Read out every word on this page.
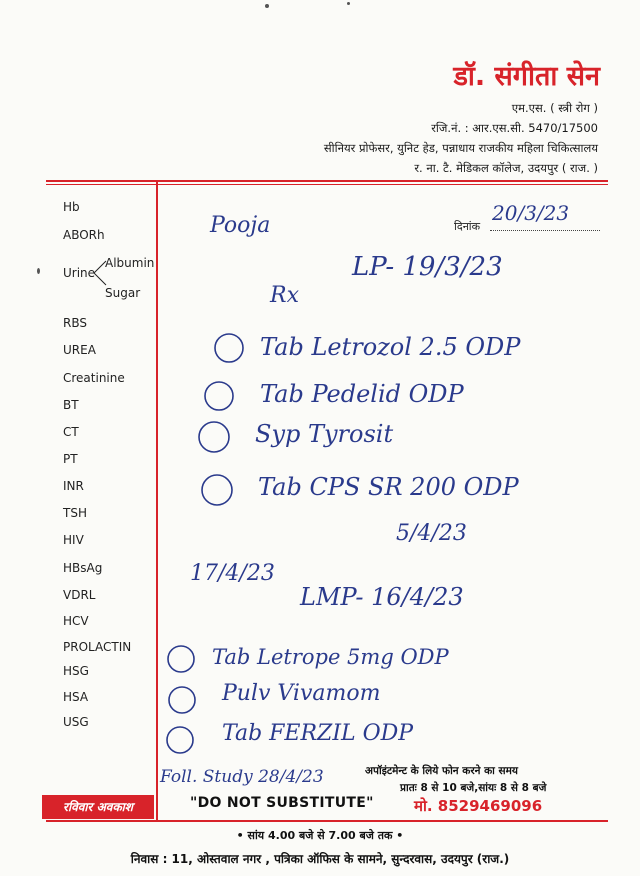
डॉ. संगीता सेन
एम.एस. ( स्त्री रोग )
रजि.नं. : आर.एस.सी. 5470/17500
सीनियर प्रोफेसर, युनिट हेड, पन्नाधाय राजकीय महिला चिकित्सालय
र. ना. टै. मेडिकल कॉलेज, उदयपुर ( राज. )
Hb
ABORh
Urine
Albumin
Sugar
RBS
UREA
Creatinine
BT
CT
PT
INR
TSH
HIV
HBsAg
VDRL
HCV
PROLACTIN
HSG
HSA
USG
दिनांक
Pooja	20/3/23
LP- 19/3/23
Rx
Tab Letrozol 2.5 ODP
Tab Pedelid ODP
Syp Tyrosit
Tab CPS SR 200 ODP
5/4/23
17/4/23
LMP- 16/4/23
Tab Letrope 5mg ODP
Pulv Vivamom
Tab FERZIL ODP
Foll. Study 28/4/23
रविवार अवकाश	"DO NOT SUBSTITUTE"
अपॉइंटमेन्ट के लिये फोन करने का समय
प्रातः 8 से 10 बजे,सांयः 8 से 8 बजे
मो. 8529469096
• सांय 4.00 बजे से 7.00 बजे तक •
निवास : 11, ओस्तवाल नगर , पत्रिका ऑफिस के सामने, सुन्दरवास, उदयपुर (राज.)
